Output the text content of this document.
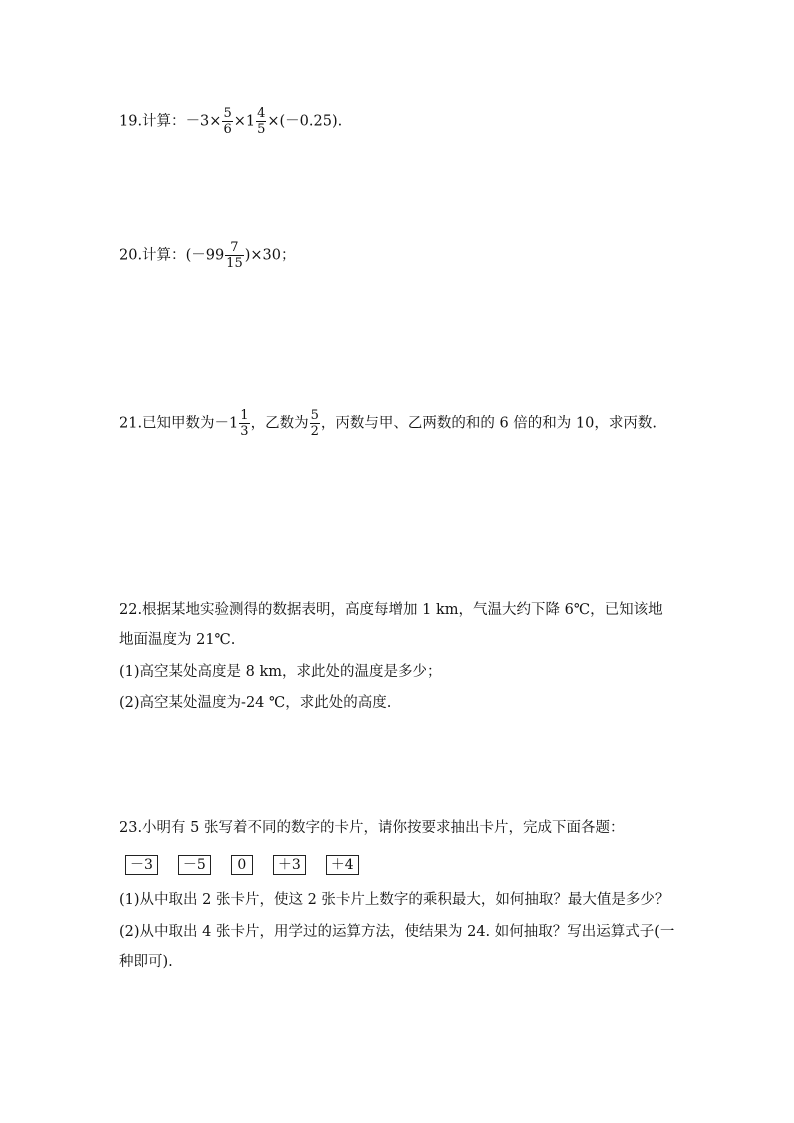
19.计算：$-3\times \frac{5}{6} \times 1 \frac{4}{5} \times(-0.25)$.
20.计算：$(-99 \frac{7}{15} )\times 30$；
21.已知甲数为$-1 \frac{1}{3}$ ，乙数为 $\frac{5}{2}$ ，丙数与甲、乙两数的和的 6 倍的和为 10，求丙数.
22.根据某地实验测得的数据表明，高度每增加 1 km，气温大约下降 6℃，已知该地
地面温度为 21℃.
(1)高空某处高度是 8 km，求此处的温度是多少；
(2)高空某处温度为-24 ℃，求此处的高度.
23.小明有 5 张写着不同的数字的卡片，请你按要求抽出卡片，完成下面各题：
－3	－5	0	＋3	＋4
(1)从中取出 2 张卡片，使这 2 张卡片上数字的乘积最大，如何抽取？最大值是多少？
(2)从中取出 4 张卡片，用学过的运算方法，使结果为 24. 如何抽取？写出运算式子(一
种即可).
